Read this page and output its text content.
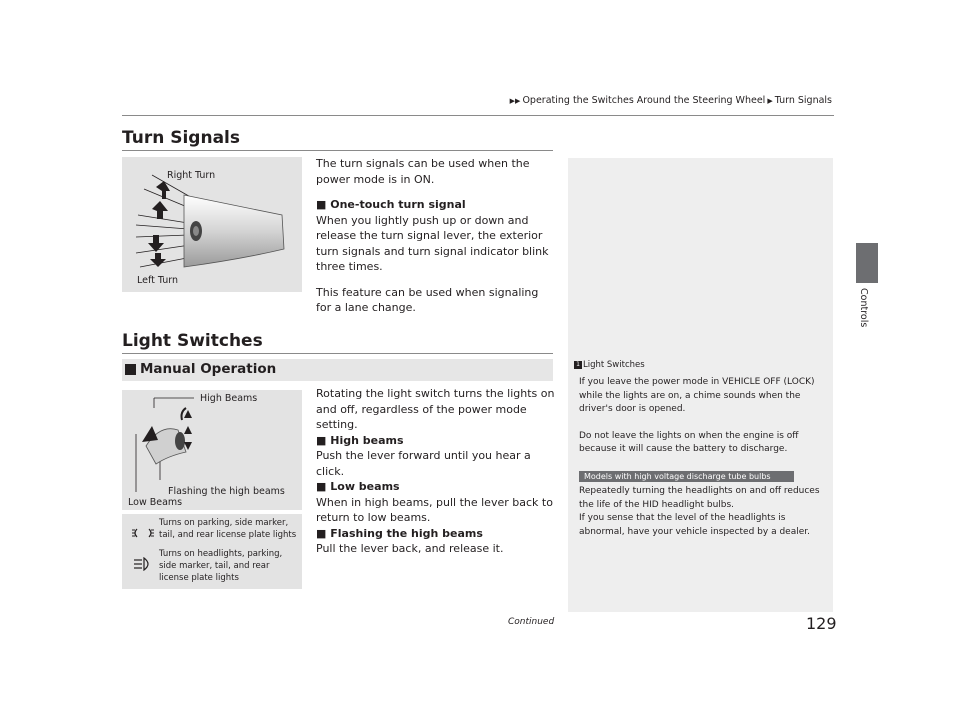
▶▶ Operating the Switches Around the Steering Wheel ▶ Turn Signals
Controls
Turn Signals
Right Turn
Left Turn

The turn signals can be used when the power mode is in ON.

■ One-touch turn signal

When you lightly push up or down and release the turn signal lever, the exterior turn signals and turn signal indicator blink three times.

This feature can be used when signaling for a lane change.

Light Switches
Manual Operation
High Beams
Flashing the high beams
Low Beams
Turns on parking, side marker, tail, and rear license plate lights
Turns on headlights, parking, side marker, tail, and rear license plate lights

Rotating the light switch turns the lights on and off, regardless of the power mode setting.

■ High beams

Push the lever forward until you hear a click.

■ Low beams

When in high beams, pull the lever back to return to low beams.

■ Flashing the high beams

Pull the lever back, and release it.

1 Light Switches

If you leave the power mode in VEHICLE OFF (LOCK) while the lights are on, a chime sounds when the driver's door is opened.

Do not leave the lights on when the engine is off because it will cause the battery to discharge.

Models with high voltage discharge tube bulbs

Repeatedly turning the headlights on and off reduces the life of the HID headlight bulbs.

If you sense that the level of the headlights is abnormal, have your vehicle inspected by a dealer.

Continued	129
